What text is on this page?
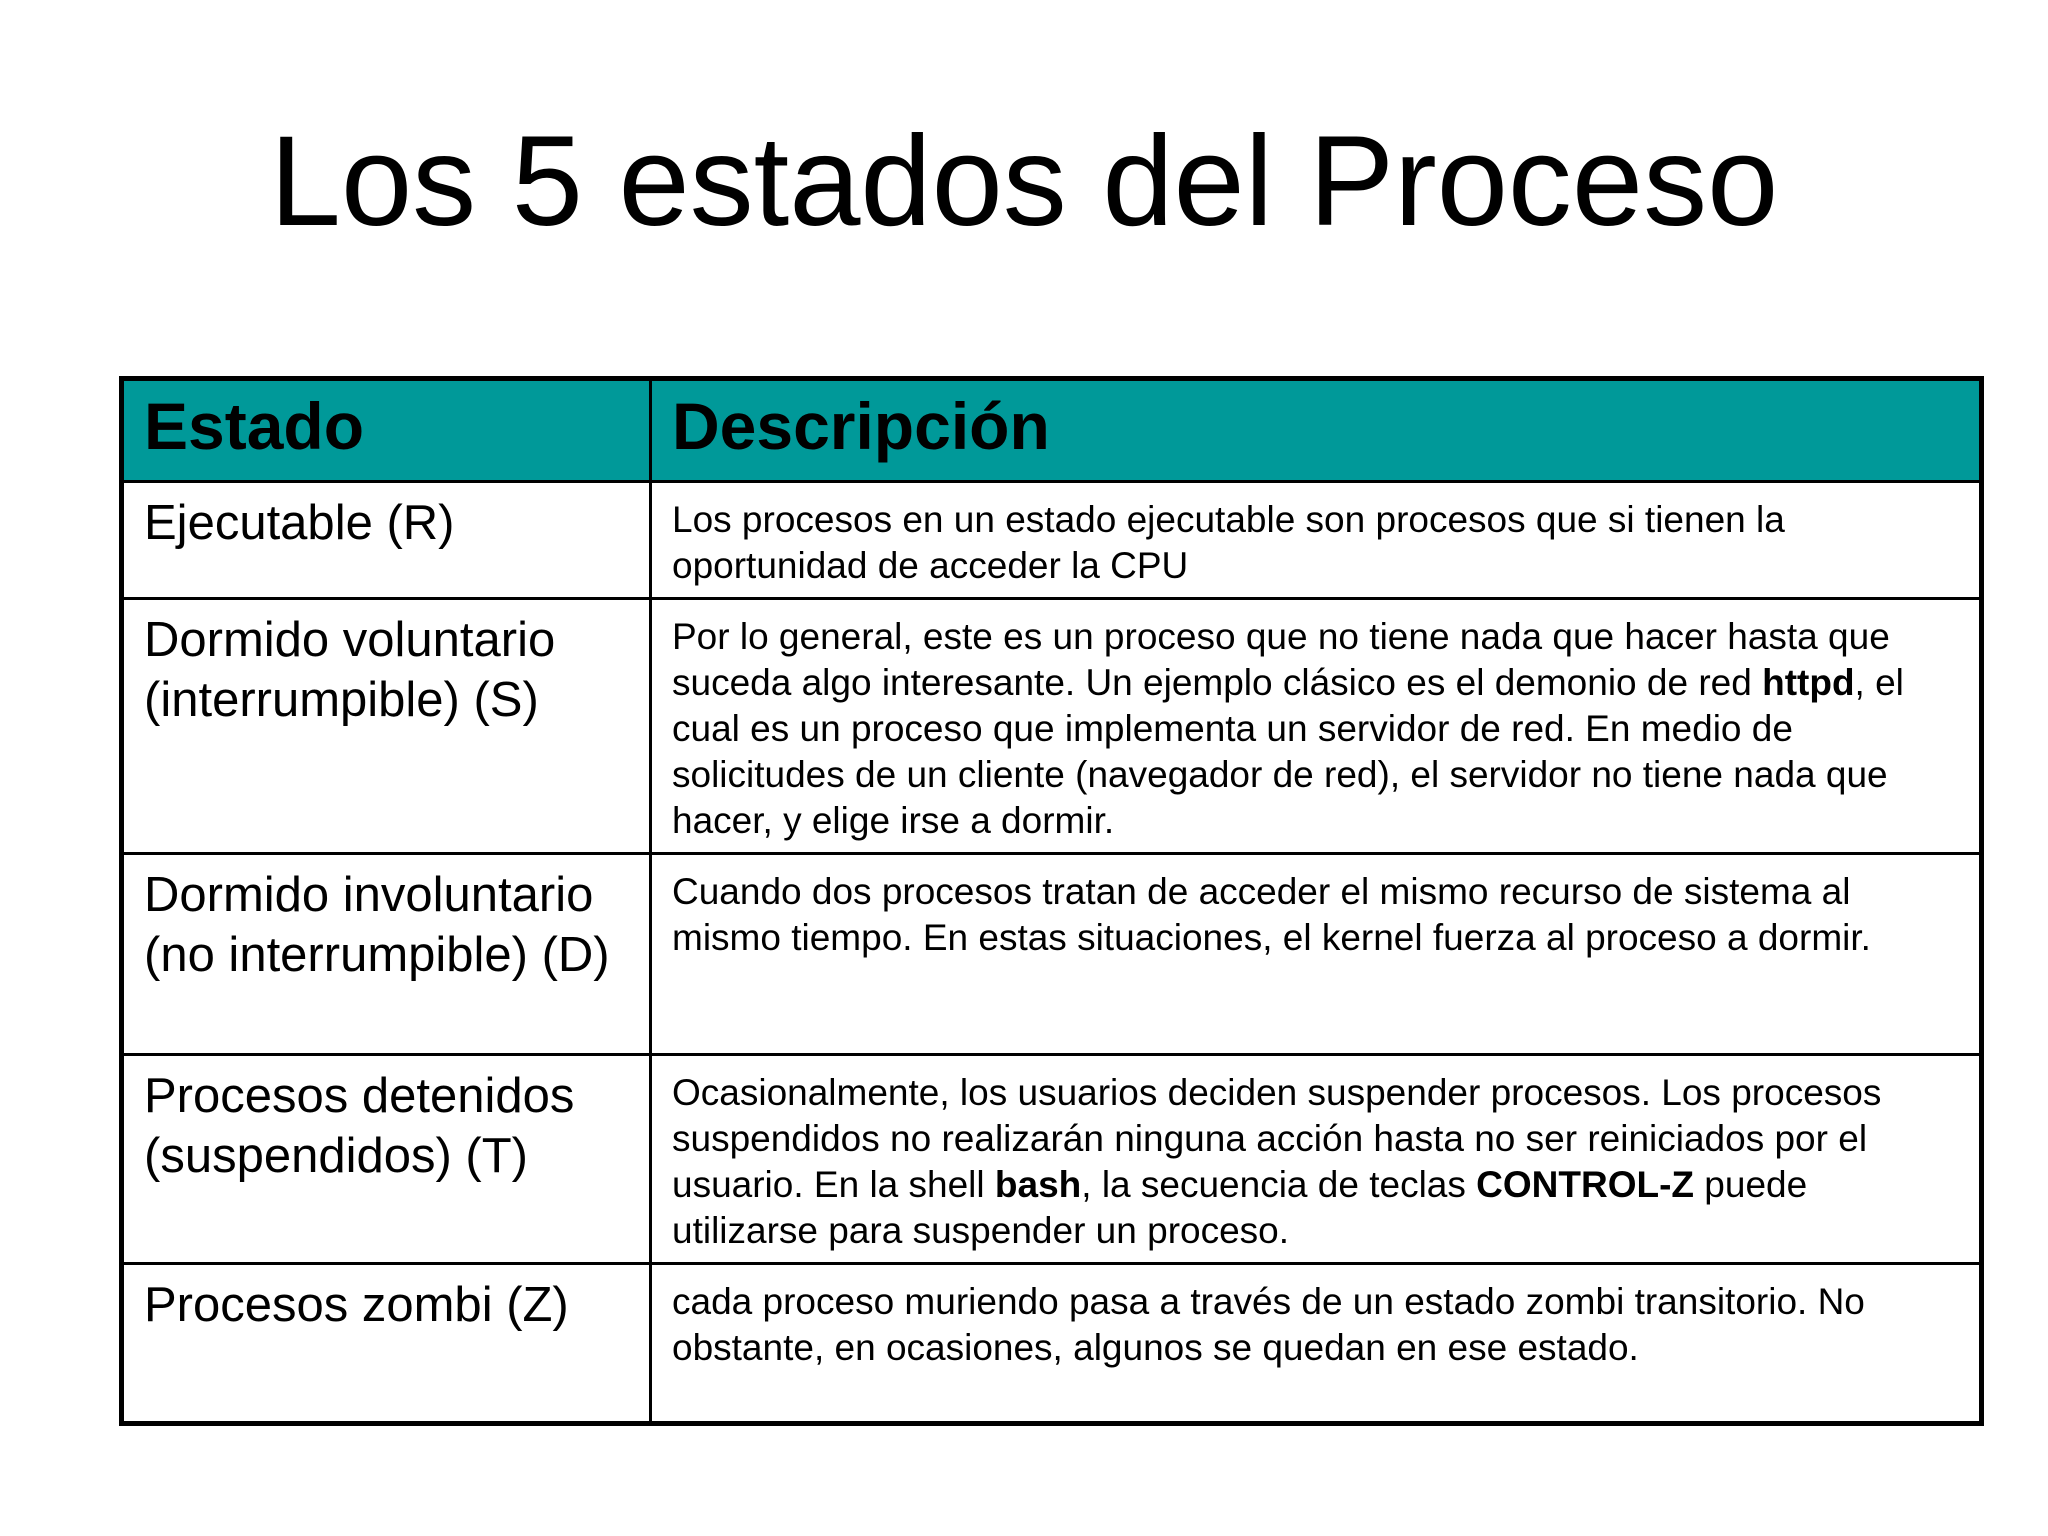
Los 5 estados del Proceso
Estado	Descripción
Ejecutable (R)	Los procesos en un estado ejecutable son procesos que si tienen la oportunidad de acceder la CPU
Dormido voluntario (interrumpible) (S)	Por lo general, este es un proceso que no tiene nada que hacer hasta que suceda algo interesante. Un ejemplo clásico es el demonio de red httpd, el cual es un proceso que implementa un servidor de red. En medio de solicitudes de un cliente (navegador de red), el servidor no tiene nada que hacer, y elige irse a dormir.
Dormido involuntario (no interrumpible) (D)	Cuando dos procesos tratan de acceder el mismo recurso de sistema al mismo tiempo. En estas situaciones, el kernel fuerza al proceso a dormir.
Procesos detenidos (suspendidos) (T)	Ocasionalmente, los usuarios deciden suspender procesos. Los procesos suspendidos no realizarán ninguna acción hasta no ser reiniciados por el usuario. En la shell bash, la secuencia de teclas CONTROL-Z puede utilizarse para suspender un proceso.
Procesos zombi (Z)	cada proceso muriendo pasa a través de un estado zombi transitorio. No obstante, en ocasiones, algunos se quedan en ese estado.
